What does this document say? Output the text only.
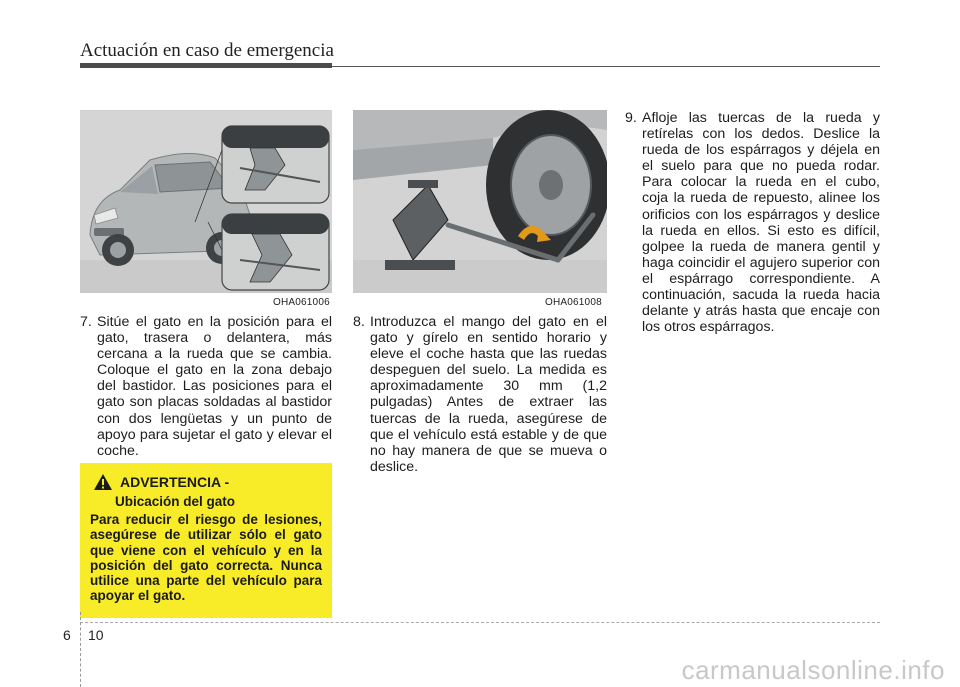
Actuación en caso de emergencia
OHA061006	OHA061008
7. Sitúe el gato en la posición para el gato, trasera o delantera, más cercana a la rueda que se cambia. Coloque el gato en la zona debajo del bastidor. Las posiciones para el gato son placas soldadas al bastidor con dos lengüetas y un punto de apoyo para sujetar el gato y elevar el coche.
8. Introduzca el mango del gato en el gato y gírelo en sentido horario y eleve el coche hasta que las ruedas despeguen del suelo. La medida es aproximadamente 30 mm (1,2 pulgadas) Antes de extraer las tuercas de la rueda, asegúrese de que el vehículo está estable y de que no hay manera de que se mueva o deslice.
9. Afloje las tuercas de la rueda y retírelas con los dedos. Deslice la rueda de los espárragos y déjela en el suelo para que no pueda rodar. Para colocar la rueda en el cubo, coja la rueda de repuesto, alinee los orificios con los espárragos y deslice la rueda en ellos. Si esto es difícil, golpee la rueda de manera gentil y haga coincidir el agujero superior con el espárrago correspondiente. A continuación, sacuda la rueda hacia delante y atrás hasta que encaje con los otros espárragos.
ADVERTENCIA -
Ubicación del gato
Para reducir el riesgo de lesiones, asegúrese de utilizar sólo el gato que viene con el vehículo y en la posición del gato correcta. Nunca utilice una parte del vehículo para apoyar el gato.
6 10
carmanualsonline.info
